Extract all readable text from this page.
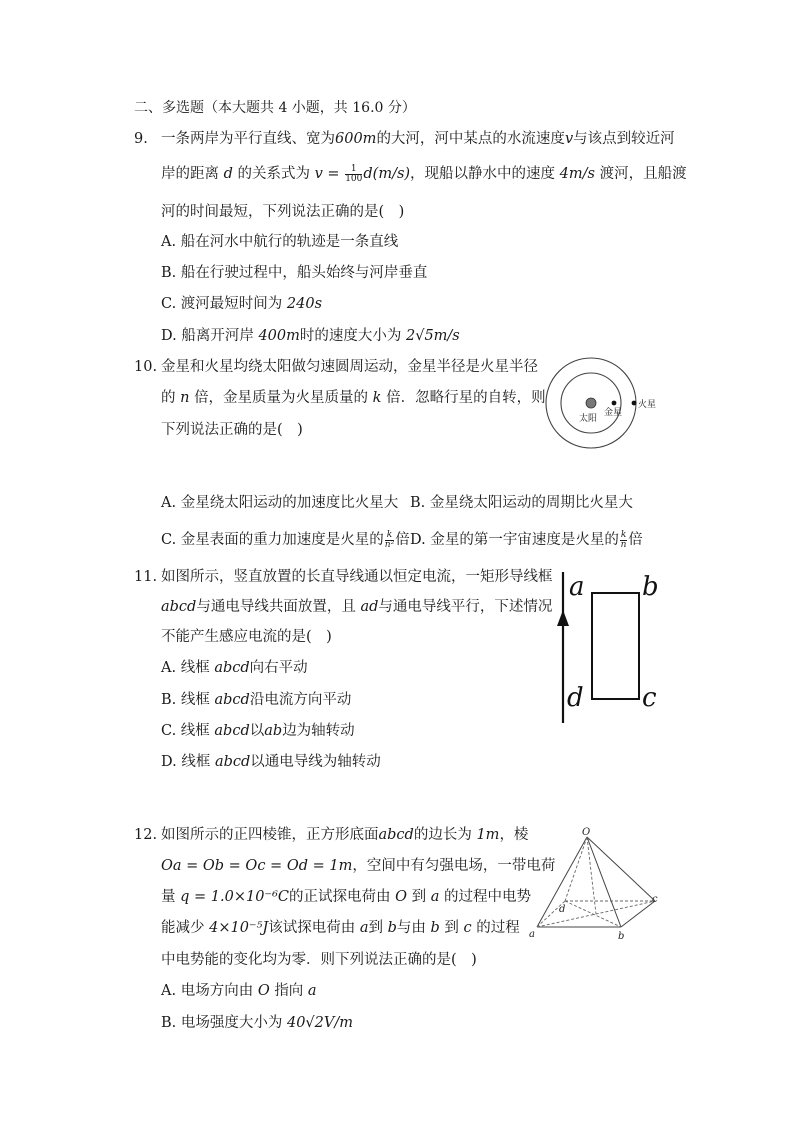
二、多选题（本大题共 4 小题，共 16.0 分）
9. 一条两岸为平行直线、宽为600m的大河，河中某点的水流速度v与该点到较近河
岸的距离 d 的关系式为 $v = \frac{1}{100} d(m/s)$，现船以静水中的速度 4m/s 渡河，且船渡
河的时间最短，下列说法正确的是(　)
A. 船在河水中航行的轨迹是一条直线
B. 船在行驶过程中，船头始终与河岸垂直
C. 渡河最短时间为 240s
D. 船离开河岸 400m时的速度大小为 2√5m/s
10. 金星和火星均绕太阳做匀速圆周运动，金星半径是火星半径
的 n 倍，金星质量为火星质量的 k 倍．忽略行星的自转，则
下列说法正确的是(　)
太阳
金星
火星
A. 金星绕太阳运动的加速度比火星大 B. 金星绕太阳运动的周期比火星大
C. 金星表面的重力加速度是火星的 $\frac{k}{\text{n²}}$ 倍 D. 金星的第一宇宙速度是火星的 $\frac{k}{n}$ 倍
11. 如图所示，竖直放置的长直导线通以恒定电流，一矩形导线框
abcd与通电导线共面放置，且 ad与通电导线平行，下述情况
不能产生感应电流的是(　)
A. 线框 abcd向右平动
B. 线框 abcd沿电流方向平动
C. 线框 abcd以ab边为轴转动
D. 线框 abcd以通电导线为轴转动
a b
c
d
12. 如图所示的正四棱锥，正方形底面abcd的边长为 1m，棱
Oa = Ob = Oc = Od = 1m，空间中有匀强电场，一带电荷
量 q = 1.0×10⁻⁶C的正试探电荷由 O 到 a 的过程中电势
能减少 4×10⁻⁵J该试探电荷由 a到 b与由 b 到 c 的过程
中电势能的变化均为零．则下列说法正确的是(　)
A. 电场方向由 O 指向 a
B. 电场强度大小为 40√2V/m
O
a	b
c
d
